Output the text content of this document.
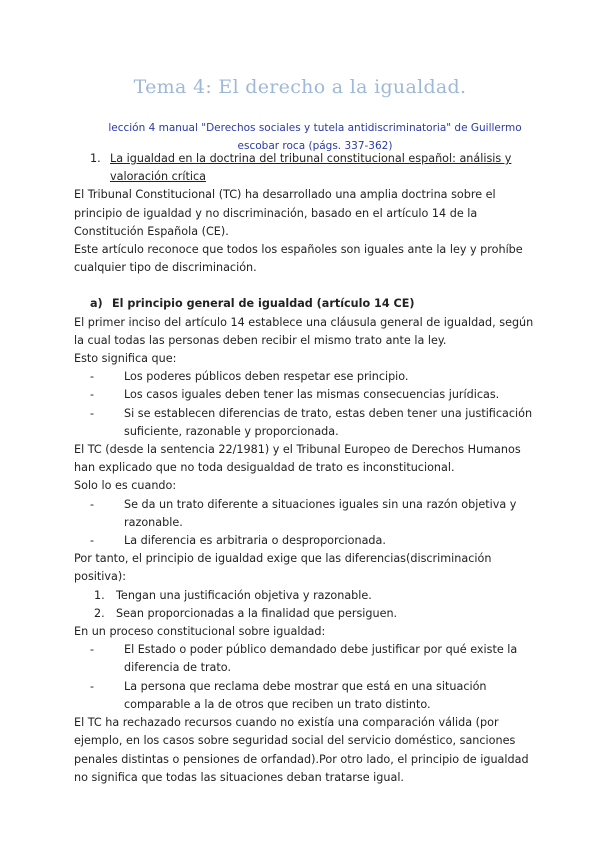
Tema 4: El derecho a la igualdad.
lección 4 manual "Derechos sociales y tutela antidiscriminatoria" de Guillermo escobar roca (págs. 337-362)

1. La igualdad en la doctrina del tribunal constitucional español: análisis y valoración crítica

El Tribunal Constitucional (TC) ha desarrollado una amplia doctrina sobre el principio de igualdad y no discriminación, basado en el artículo 14 de la Constitución Española (CE).

Este artículo reconoce que todos los españoles son iguales ante la ley y prohíbe cualquier tipo de discriminación.

a) El principio general de igualdad (artículo 14 CE)

El primer inciso del artículo 14 establece una cláusula general de igualdad, según la cual todas las personas deben recibir el mismo trato ante la ley.

Esto significa que:

-	Los poderes públicos deben respetar ese principio.
-	Los casos iguales deben tener las mismas consecuencias jurídicas.
-	Si se establecen diferencias de trato, estas deben tener una justificación suficiente, razonable y proporcionada.

El TC (desde la sentencia 22/1981) y el Tribunal Europeo de Derechos Humanos han explicado que no toda desigualdad de trato es inconstitucional.

Solo lo es cuando:

-	Se da un trato diferente a situaciones iguales sin una razón objetiva y razonable.
-	La diferencia es arbitraria o desproporcionada.

Por tanto, el principio de igualdad exige que las diferencias(discriminación positiva):

1.	Tengan una justificación objetiva y razonable.
2.	Sean proporcionadas a la finalidad que persiguen.

En un proceso constitucional sobre igualdad:

-	El Estado o poder público demandado debe justificar por qué existe la diferencia de trato.
-	La persona que reclama debe mostrar que está en una situación comparable a la de otros que reciben un trato distinto.

El TC ha rechazado recursos cuando no existía una comparación válida (por ejemplo, en los casos sobre seguridad social del servicio doméstico, sanciones penales distintas o pensiones de orfandad).Por otro lado, el principio de igualdad no significa que todas las situaciones deban tratarse igual.
